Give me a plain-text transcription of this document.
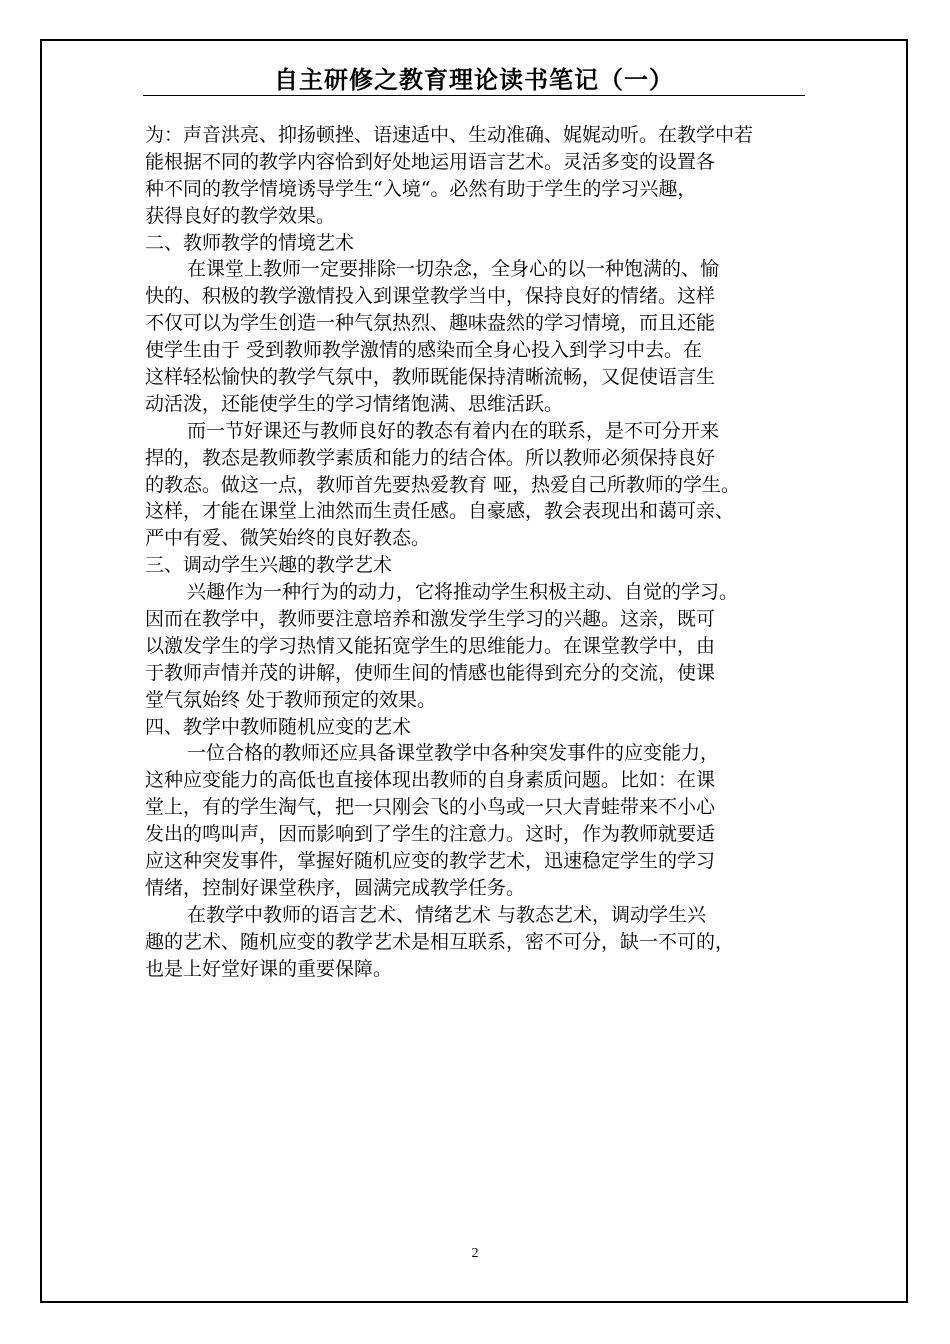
自主研修之教育理论读书笔记（一）
为：声音洪亮、抑扬顿挫、语速适中、生动准确、娓娓动听。在教学中若
能根据不同的教学内容恰到好处地运用语言艺术。灵活多变的设置各
种不同的教学情境诱导学生“入境“。必然有助于学生的学习兴趣，
获得良好的教学效果。
二、教师教学的情境艺术
在课堂上教师一定要排除一切杂念，全身心的以一种饱满的、愉
快的、积极的教学激情投入到课堂教学当中，保持良好的情绪。这样
不仅可以为学生创造一种气氛热烈、趣味盎然的学习情境，而且还能
使学生由于 受到教师教学激情的感染而全身心投入到学习中去。在
这样轻松愉快的教学气氛中，教师既能保持清晰流畅，又促使语言生
动活泼，还能使学生的学习情绪饱满、思维活跃。
而一节好课还与教师良好的教态有着内在的联系，是不可分开来
捍的，教态是教师教学素质和能力的结合体。所以教师必须保持良好
的教态。做这一点，教师首先要热爱教育 哑，热爱自己所教师的学生。
这样，才能在课堂上油然而生责任感。自豪感，教会表现出和蔼可亲、
严中有爱、微笑始终的良好教态。
三、调动学生兴趣的教学艺术
兴趣作为一种行为的动力，它将推动学生积极主动、自觉的学习。
因而在教学中，教师要注意培养和激发学生学习的兴趣。这亲，既可
以激发学生的学习热情又能拓宽学生的思维能力。在课堂教学中，由
于教师声情并茂的讲解，使师生间的情感也能得到充分的交流，使课
堂气氛始终 处于教师预定的效果。
四、教学中教师随机应变的艺术
一位合格的教师还应具备课堂教学中各种突发事件的应变能力，
这种应变能力的高低也直接体现出教师的自身素质问题。比如：在课
堂上，有的学生淘气，把一只刚会飞的小鸟或一只大青蛙带来不小心
发出的鸣叫声，因而影响到了学生的注意力。这时，作为教师就要适
应这种突发事件，掌握好随机应变的教学艺术，迅速稳定学生的学习
情绪，控制好课堂秩序，圆满完成教学任务。
在教学中教师的语言艺术、情绪艺术 与教态艺术，调动学生兴
趣的艺术、随机应变的教学艺术是相互联系，密不可分，缺一不可的，
也是上好堂好课的重要保障。
2
